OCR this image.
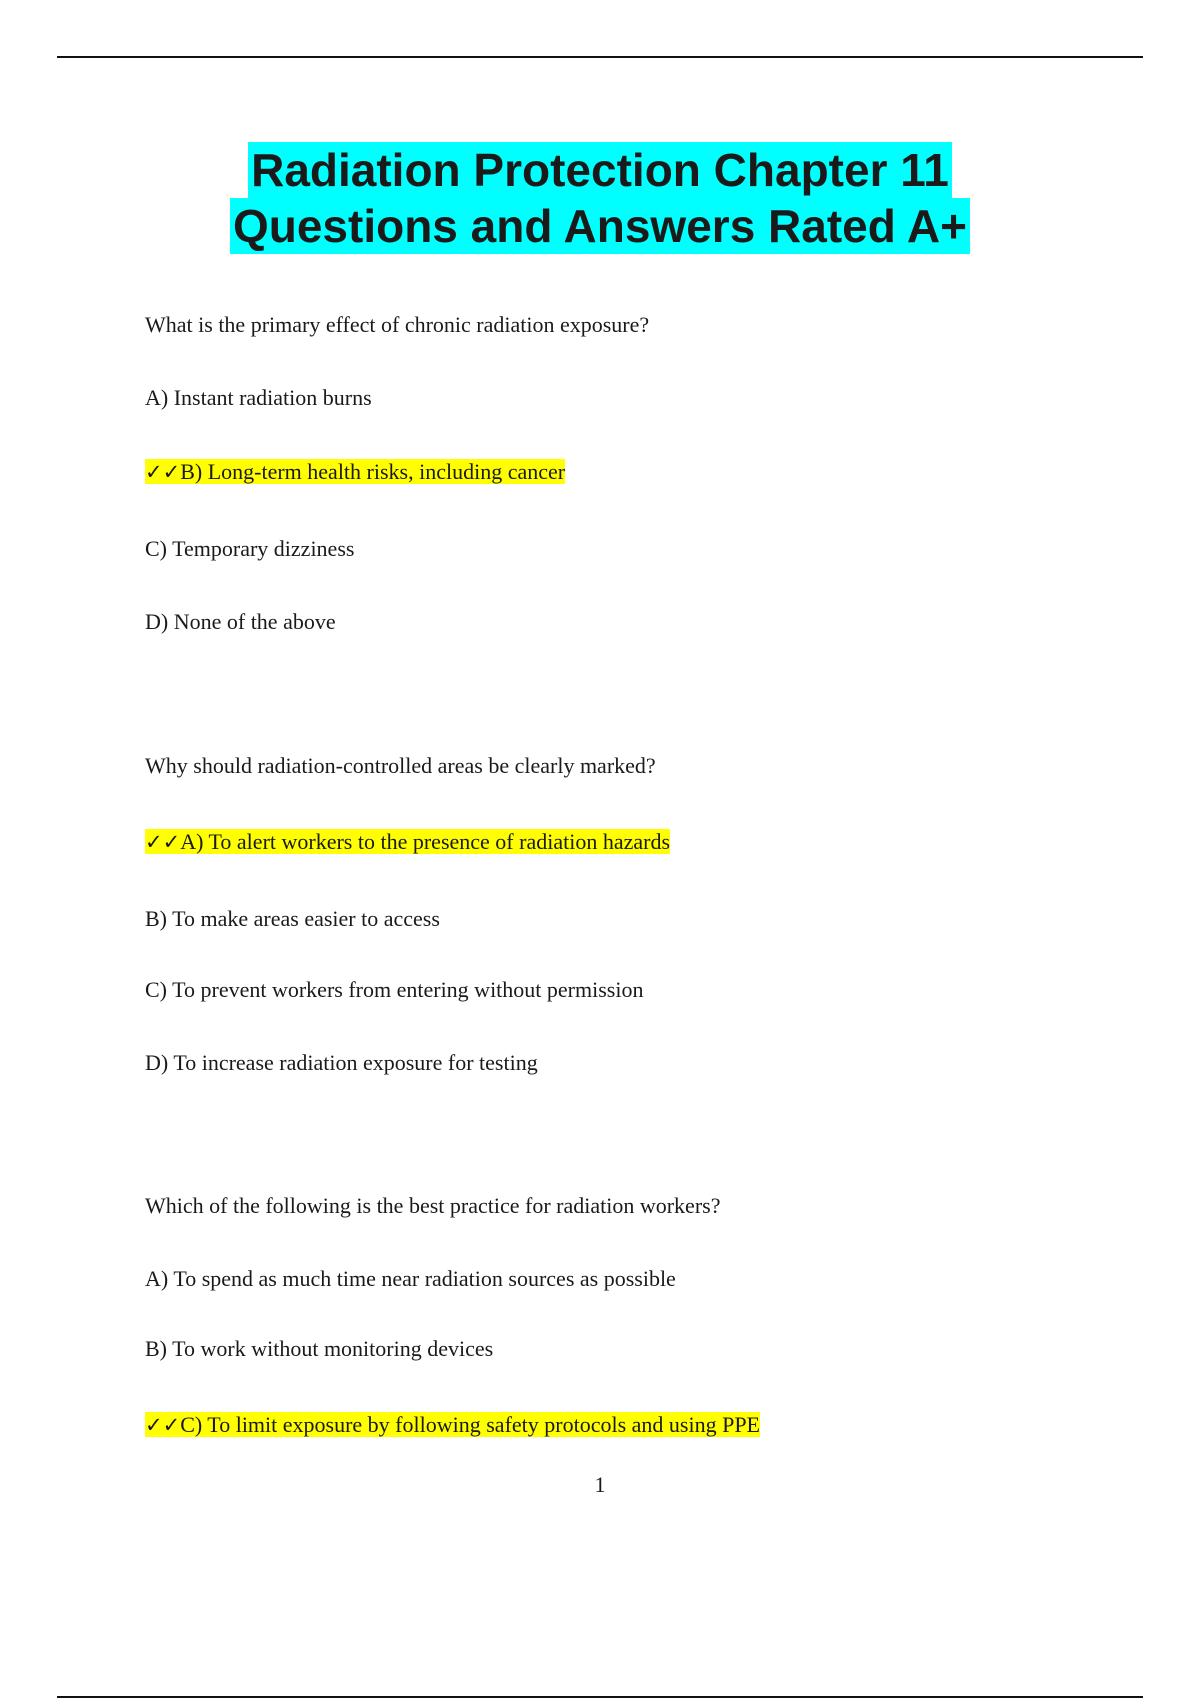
Radiation Protection Chapter 11
Questions and Answers Rated A+

What is the primary effect of chronic radiation exposure?

A) Instant radiation burns

✓✓B) Long-term health risks, including cancer

C) Temporary dizziness

D) None of the above

Why should radiation-controlled areas be clearly marked?

✓✓A) To alert workers to the presence of radiation hazards

B) To make areas easier to access

C) To prevent workers from entering without permission

D) To increase radiation exposure for testing

Which of the following is the best practice for radiation workers?

A) To spend as much time near radiation sources as possible

B) To work without monitoring devices

✓✓C) To limit exposure by following safety protocols and using PPE

1
